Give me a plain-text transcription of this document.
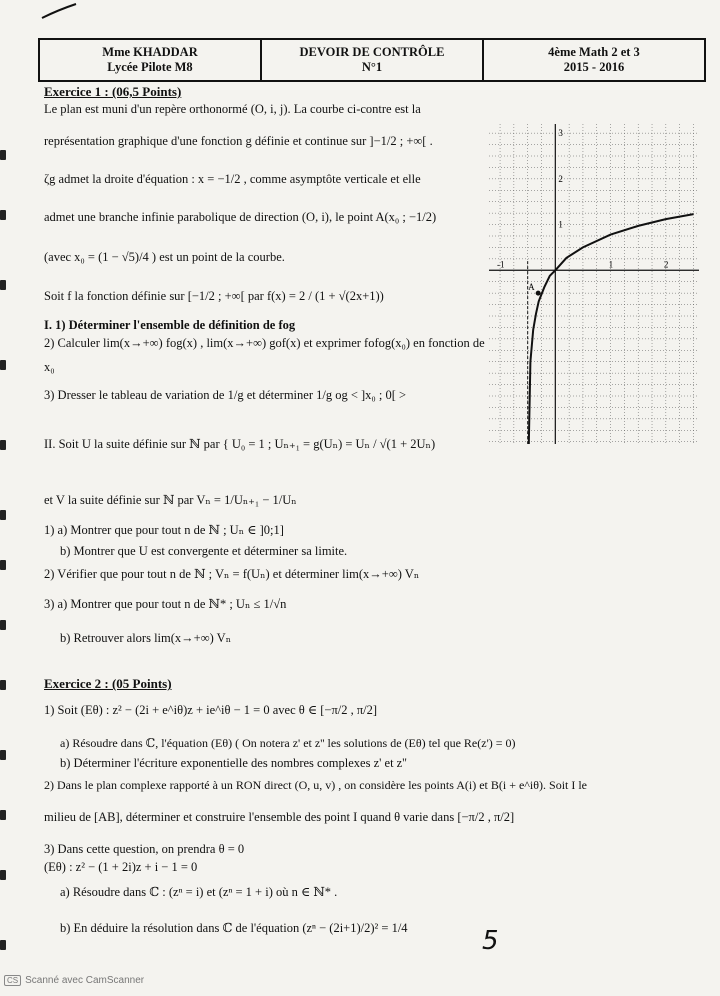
Mme KHADDAR
Lycée Pilote M8
DEVOIR DE CONTRÔLE
N°1
4ème Math 2 et 3
2015 - 2016
Exercice 1 : (06,5 Points)
Le plan est muni d'un repère orthonormé (O, i, j). La courbe ci-contre est la
représentation graphique d'une fonction g définie et continue sur ]−1/2 ; +∞[ .
ζg admet la droite d'équation : x = −1/2 , comme asymptôte verticale et elle
admet une branche infinie parabolique de direction (O, i), le point A(x₀ ; −1/2)
(avec x₀ = (1 − √5)/4 ) est un point de la courbe.
Soit f la fonction définie sur [−1/2 ; +∞[ par f(x) = 2 / (1 + √(2x+1))
I. 1) Déterminer l'ensemble de définition de fog
2) Calculer lim(x→+∞) fog(x) , lim(x→+∞) gof(x) et exprimer fofog(x₀) en fonction de
x₀
3) Dresser le tableau de variation de 1/g et déterminer 1/g og < ]x₀ ; 0[ >
II. Soit U la suite définie sur ℕ par { U₀ = 1 ; Uₙ₊₁ = g(Uₙ) = Uₙ / √(1 + 2Uₙ)
et V la suite définie sur ℕ par Vₙ = 1/Uₙ₊₁ − 1/Uₙ
1) a) Montrer que pour tout n de ℕ ; Uₙ ∈ ]0;1]
b) Montrer que U est convergente et déterminer sa limite.
2) Vérifier que pour tout n de ℕ ; Vₙ = f(Uₙ) et déterminer lim(x→+∞) Vₙ
3) a) Montrer que pour tout n de ℕ* ; Uₙ ≤ 1/√n
b) Retrouver alors lim(x→+∞) Vₙ
Exercice 2 : (05 Points)
1) Soit (Eθ) : z² − (2i + e^iθ)z + ie^iθ − 1 = 0 avec θ ∈ [−π/2 , π/2]
a) Résoudre dans ℂ, l'équation (Eθ) ( On notera z' et z'' les solutions de (Eθ) tel que Re(z') = 0)
b) Déterminer l'écriture exponentielle des nombres complexes z' et z''
2) Dans le plan complexe rapporté à un RON direct (O, u, v) , on considère les points A(i) et B(i + e^iθ). Soit I le
milieu de [AB], déterminer et construire l'ensemble des point I quand θ varie dans [−π/2 , π/2]
3) Dans cette question, on prendra θ = 0
(Eθ) : z² − (1 + 2i)z + i − 1 = 0
a) Résoudre dans ℂ : (zⁿ = i) et (zⁿ = 1 + i) où n ∈ ℕ* .
b) En déduire la résolution dans ℂ de l'équation (zⁿ − (2i+1)/2)² = 1/4
A
1
2
3
-1	1	2
5
CS Scanné avec CamScanner
